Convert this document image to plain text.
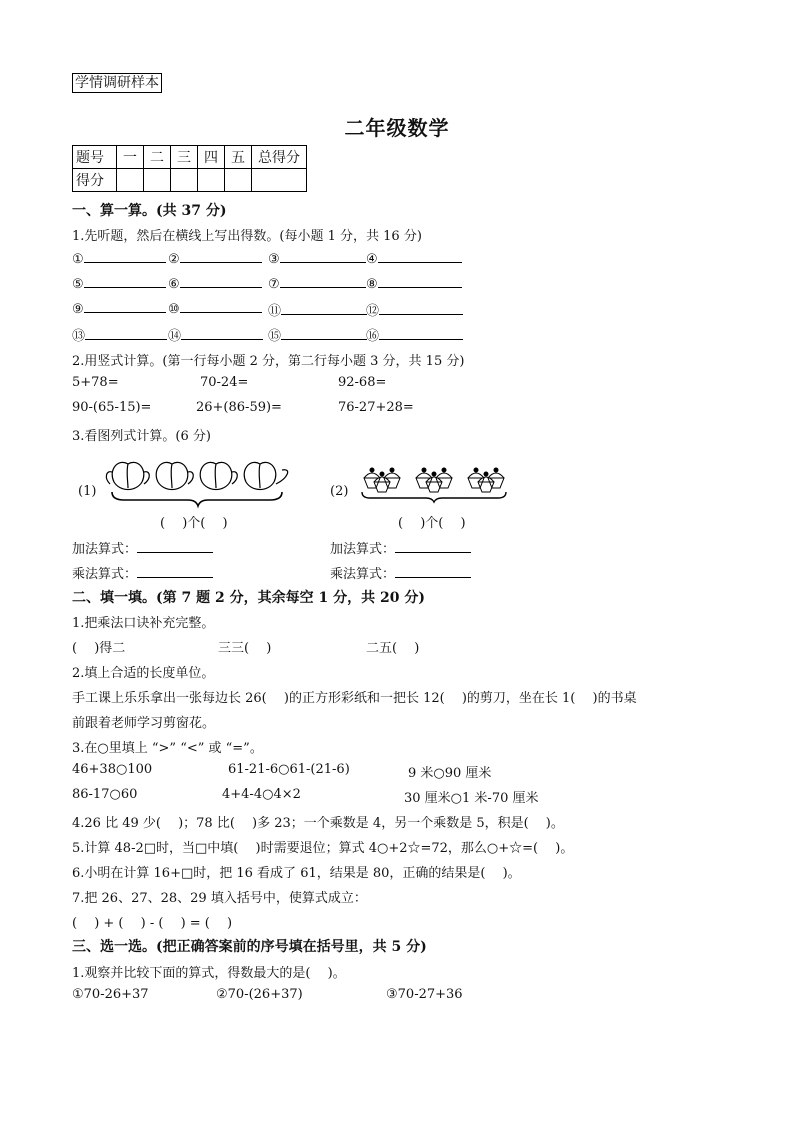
学情调研样本
二年级数学
题号	一	二	三	四	五	总得分
得分						
一、算一算。(共 37 分)
1.先听题，然后在横线上写出得数。(每小题 1 分，共 16 分)
①	②	③	④
⑤	⑥	⑦	⑧
⑨	⑩	⑪	⑫
⑬	⑭	⑮	⑯
2.用竖式计算。(第一行每小题 2 分，第二行每小题 3 分，共 15 分)
5+78=	70-24=	92-68=
90-(65-15)=	26+(86-59)=	76-27+28=
3.看图列式计算。(6 分)
(1)
(　 )个(　 )
(2)
(　 )个(　 )
加法算式：	加法算式：
乘法算式：	乘法算式：
二、填一填。(第 7 题 2 分，其余每空 1 分，共 20 分)
1.把乘法口诀补充完整。
(　 )得二	三三(　 )	二五(　 )
2.填上合适的长度单位。
手工课上乐乐拿出一张每边长 26(　 )的正方形彩纸和一把长 12(　 )的剪刀，坐在长 1(　 )的书桌
前跟着老师学习剪窗花。
3.在○里填上 “>” “<” 或 “=”。
46+38○100	61-21-6○61-(21-6)	9 米○90 厘米
86-17○60	4+4-4○4×2	30 厘米○1 米-70 厘米
4.26 比 49 少(　 )；78 比(　 )多 23；一个乘数是 4，另一个乘数是 5，积是(　 )。
5.计算 48-2□时，当□中填(　 )时需要退位；算式 4○+2☆=72，那么○+☆=(　 )。
6.小明在计算 16+□时，把 16 看成了 61，结果是 80，正确的结果是(　 )。
7.把 26、27、28、29 填入括号中，使算式成立：
(　 ) + (　 ) - (　 ) = (　 )
三、选一选。(把正确答案前的序号填在括号里，共 5 分)
1.观察并比较下面的算式，得数最大的是(　 )。
①70-26+37	②70-(26+37)	③70-27+36
